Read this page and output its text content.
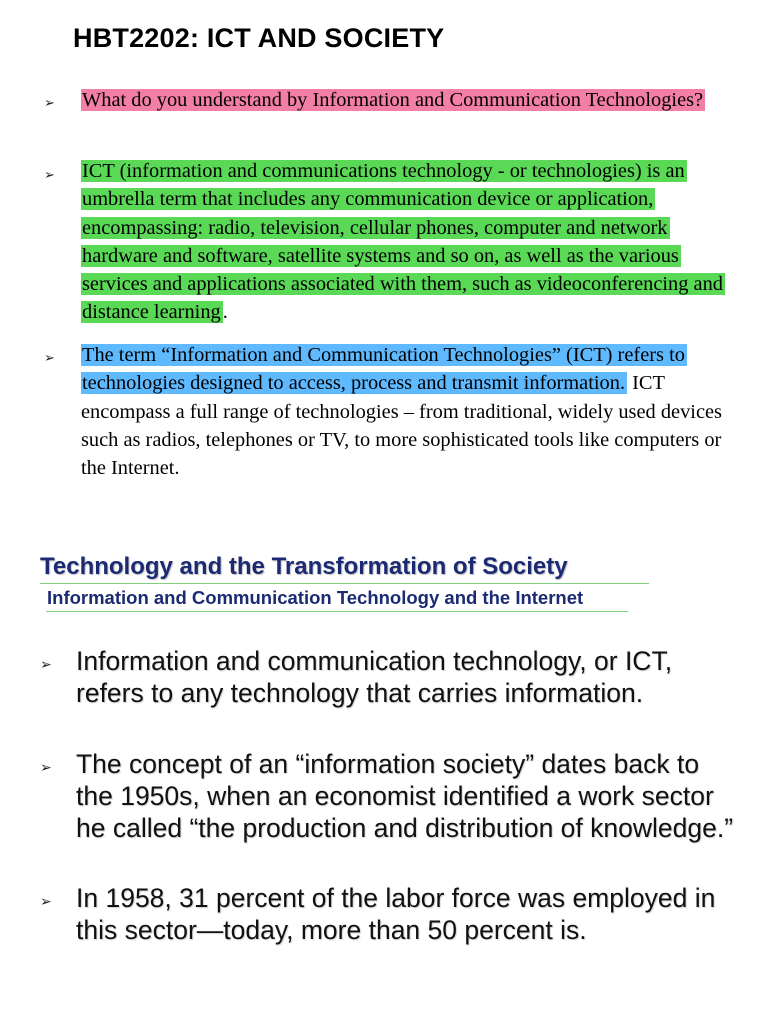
HBT2202: ICT AND SOCIETY
➢ What do you understand by Information and Communication Technologies?

➢ ICT (information and communications technology - or technologies) is an umbrella term that includes any communication device or application, encompassing: radio, television, cellular phones, computer and network hardware and software, satellite systems and so on, as well as the various services and applications associated with them, such as videoconferencing and distance learning.

➢ The term “Information and Communication Technologies” (ICT) refers to technologies designed to access, process and transmit information. ICT encompass a full range of technologies – from traditional, widely used devices such as radios, telephones or TV, to more sophisticated tools like computers or the Internet.

Technology and the Transformation of Society
Information and Communication Technology and the Internet
➢ Information and communication technology, or ICT, refers to any technology that carries information.

➢ The concept of an “information society” dates back to the 1950s, when an economist identified a work sector he called “the production and distribution of knowledge.”

➢ In 1958, 31 percent of the labor force was employed in this sector—today, more than 50 percent is.
